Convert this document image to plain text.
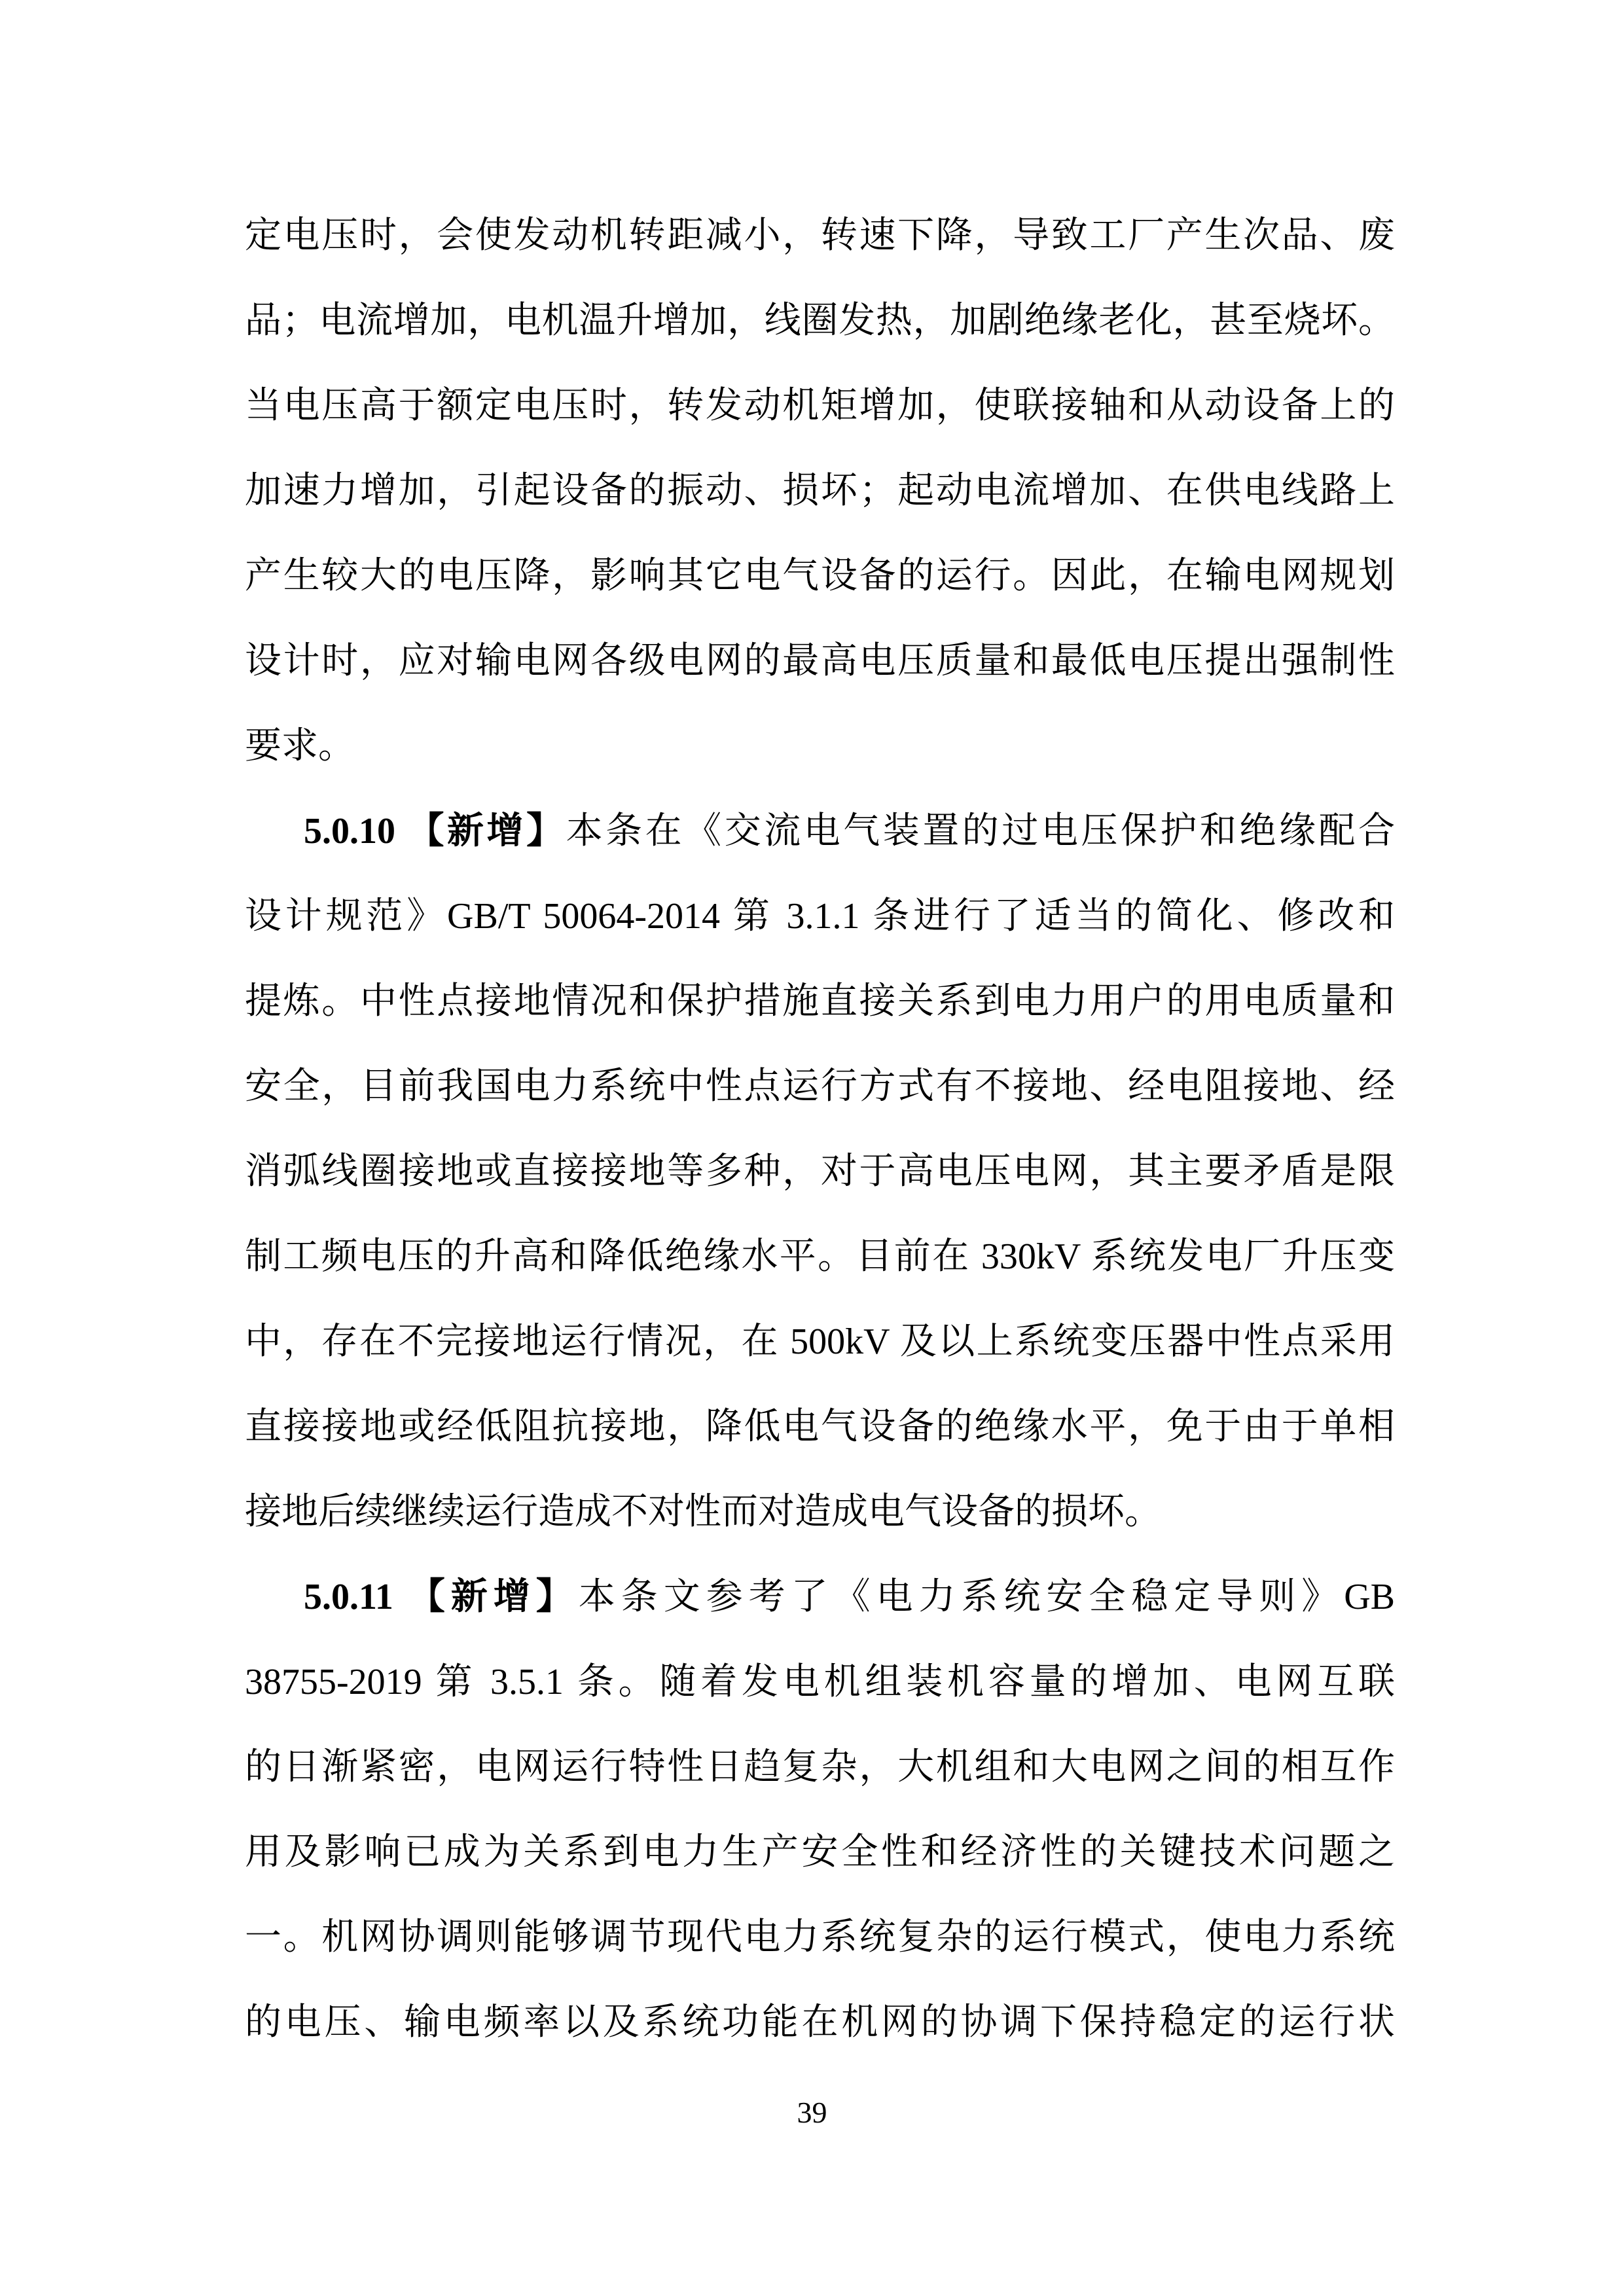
定电压时，会使发动机转距减小，转速下降，导致工厂产生次品、废
品；电流增加，电机温升增加，线圈发热，加剧绝缘老化，甚至烧坏。
当电压高于额定电压时，转发动机矩增加，使联接轴和从动设备上的
加速力增加，引起设备的振动、损坏；起动电流增加、在供电线路上
产生较大的电压降，影响其它电气设备的运行。因此，在输电网规划
设计时，应对输电网各级电网的最高电压质量和最低电压提出强制性
要求。
5.0.10 【新增】本条在《交流电气装置的过电压保护和绝缘配合
设计规范》GB/T 50064-2014 第 3.1.1 条进行了适当的简化、修改和
提炼。中性点接地情况和保护措施直接关系到电力用户的用电质量和
安全，目前我国电力系统中性点运行方式有不接地、经电阻接地、经
消弧线圈接地或直接接地等多种，对于高电压电网，其主要矛盾是限
制工频电压的升高和降低绝缘水平。目前在 330kV 系统发电厂升压变
中，存在不完接地运行情况，在 500kV 及以上系统变压器中性点采用
直接接地或经低阻抗接地，降低电气设备的绝缘水平，免于由于单相
接地后续继续运行造成不对性而对造成电气设备的损坏。
5.0.11 【新增】本条文参考了《电力系统安全稳定导则》GB
38755-2019 第 3.5.1 条。随着发电机组装机容量的增加、电网互联
的日渐紧密，电网运行特性日趋复杂，大机组和大电网之间的相互作
用及影响已成为关系到电力生产安全性和经济性的关键技术问题之
一。机网协调则能够调节现代电力系统复杂的运行模式，使电力系统
的电压、输电频率以及系统功能在机网的协调下保持稳定的运行状
39
